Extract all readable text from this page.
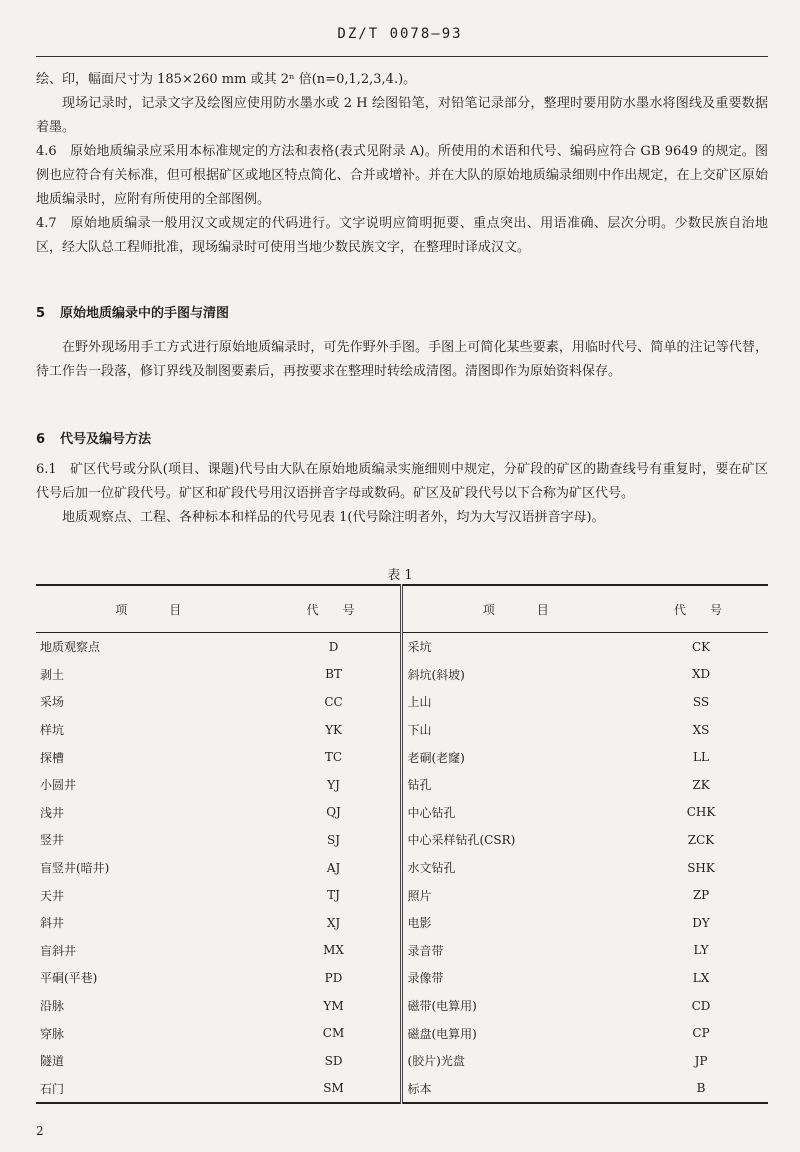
DZ/T 0078—93

绘、印，幅面尺寸为 185×260 mm 或其 2ⁿ 倍(n=0,1,2,3,4.)。

现场记录时，记录文字及绘图应使用防水墨水或 2 H 绘图铅笔，对铅笔记录部分，整理时要用防水墨水将图线及重要数据着墨。

4.6　原始地质编录应采用本标准规定的方法和表格(表式见附录 A)。所使用的术语和代号、编码应符合 GB 9649 的规定。图例也应符合有关标准，但可根据矿区或地区特点简化、合并或增补。并在大队的原始地质编录细则中作出规定，在上交矿区原始地质编录时，应附有所使用的全部图例。

4.7　原始地质编录一般用汉文或规定的代码进行。文字说明应简明扼要、重点突出、用语准确、层次分明。少数民族自治地区，经大队总工程师批准，现场编录时可使用当地少数民族文字，在整理时译成汉文。

5 原始地质编录中的手图与清图

在野外现场用手工方式进行原始地质编录时，可先作野外手图。手图上可简化某些要素，用临时代号、简单的注记等代替，待工作告一段落，修订界线及制图要素后，再按要求在整理时转绘成清图。清图即作为原始资料保存。

6 代号及编号方法

6.1　矿区代号或分队(项目、课题)代号由大队在原始地质编录实施细则中规定，分矿段的矿区的勘查线号有重复时，要在矿区代号后加一位矿段代号。矿区和矿段代号用汉语拼音字母或数码。矿区及矿段代号以下合称为矿区代号。

地质观察点、工程、各种标本和样品的代号见表 1(代号除注明者外，均为大写汉语拼音字母)。

表 1
项　　目	代　号	项　　目	代　号
地质观察点	D	采坑	CK
剥土	BT	斜坑(斜坡)	XD
采场	CC	上山	SS
样坑	YK	下山	XS
探槽	TC	老硐(老窿)	LL
小圆井	YJ	钻孔	ZK
浅井	QJ	中心钻孔	CHK
竖井	SJ	中心采样钻孔(CSR)	ZCK
盲竖井(暗井)	AJ	水文钻孔	SHK
天井	TJ	照片	ZP
斜井	XJ	电影	DY
盲斜井	MX	录音带	LY
平硐(平巷)	PD	录像带	LX
沿脉	YM	磁带(电算用)	CD
穿脉	CM	磁盘(电算用)	CP
隧道	SD	(胶片)光盘	JP
石门	SM	标本	B
2
